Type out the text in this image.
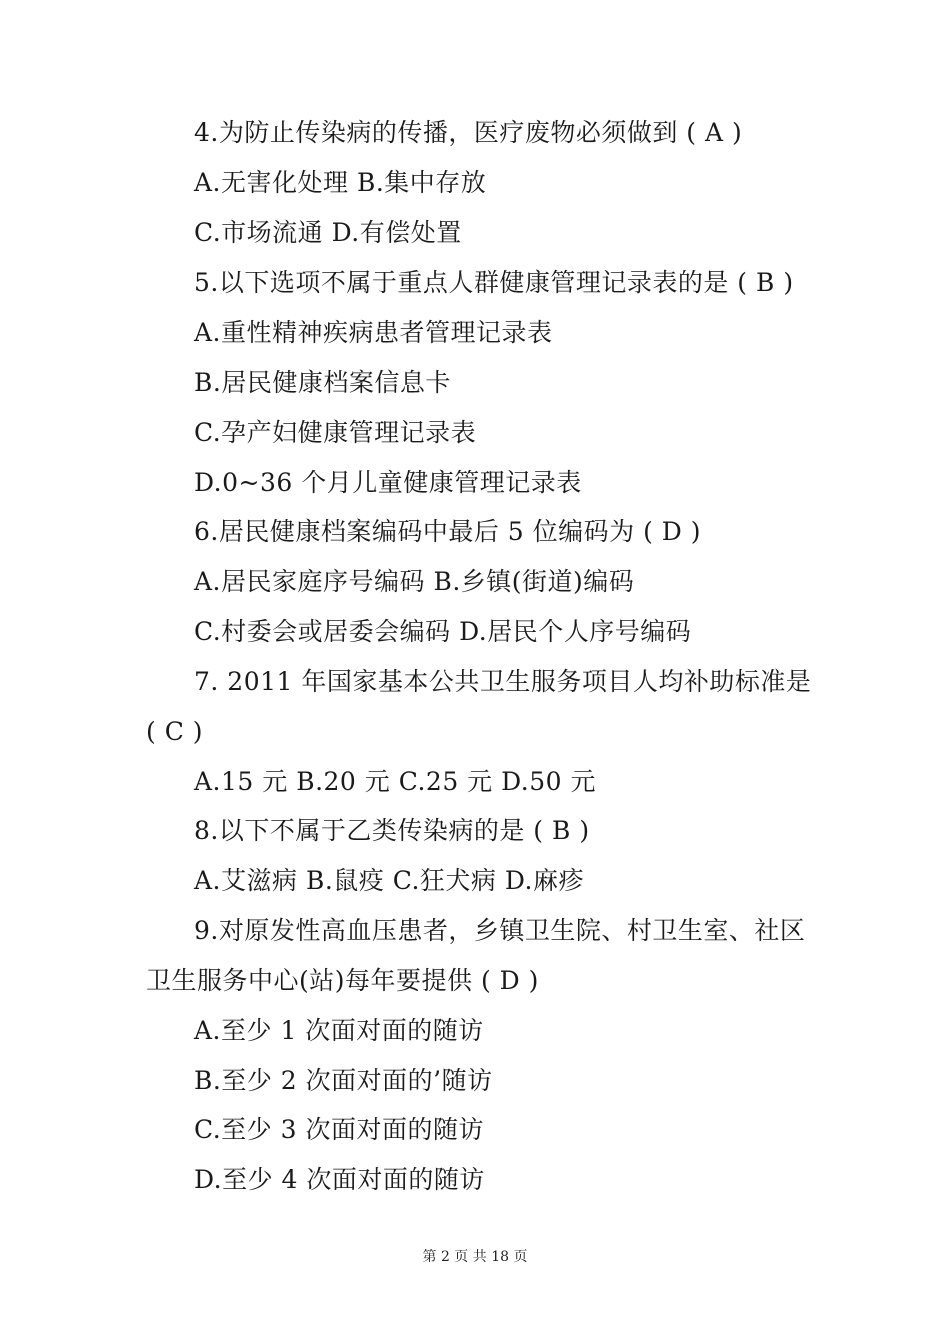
4.为防止传染病的传播，医疗废物必须做到 ( A )
A.无害化处理 B.集中存放
C.市场流通 D.有偿处置
5.以下选项不属于重点人群健康管理记录表的是 ( B )
A.重性精神疾病患者管理记录表
B.居民健康档案信息卡
C.孕产妇健康管理记录表
D.0~36 个月儿童健康管理记录表
6.居民健康档案编码中最后 5 位编码为 ( D )
A.居民家庭序号编码 B.乡镇(街道)编码
C.村委会或居委会编码 D.居民个人序号编码
7. 2011 年国家基本公共卫生服务项目人均补助标准是
( C )
A.15 元 B.20 元 C.25 元 D.50 元
8.以下不属于乙类传染病的是 ( B )
A.艾滋病 B.鼠疫 C.狂犬病 D.麻疹
9.对原发性高血压患者，乡镇卫生院、村卫生室、社区
卫生服务中心(站)每年要提供 ( D )
A.至少 1 次面对面的随访
B.至少 2 次面对面的’随访
C.至少 3 次面对面的随访
D.至少 4 次面对面的随访
第 2 页 共 18 页
